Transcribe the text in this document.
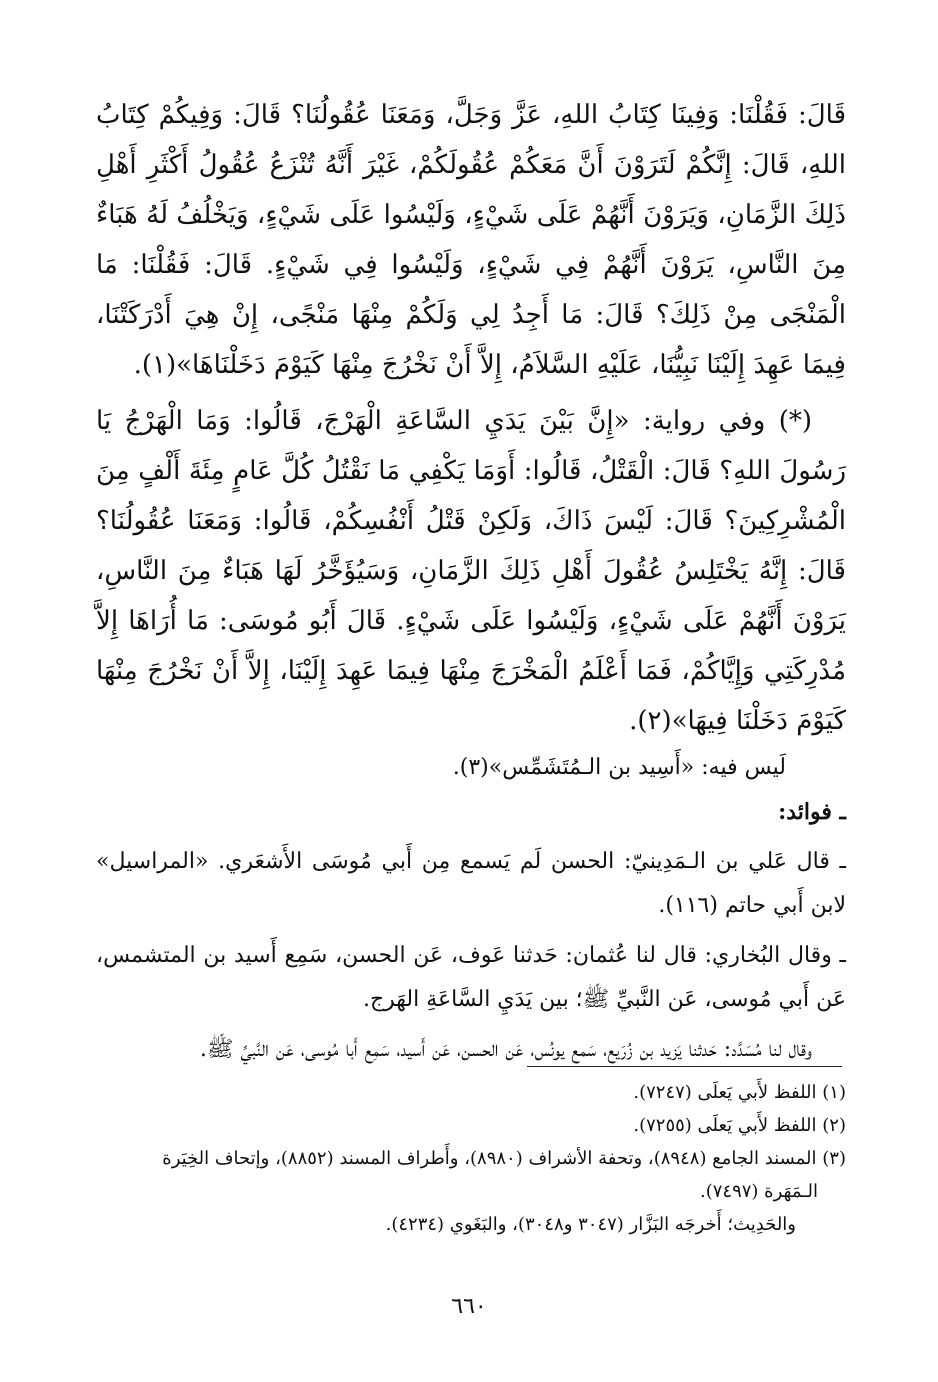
قَالَ: فَقُلْنَا: وَفِينَا كِتَابُ اللهِ، عَزَّ وَجَلَّ، وَمَعَنَا عُقُولُنَا؟ قَالَ: وَفِيكُمْ كِتَابُ اللهِ، قَالَ: إِنَّكُمْ لَتَرَوْنَ أَنَّ مَعَكُمْ عُقُولَكُمْ، غَيْرَ أَنَّهُ تُنْزَعُ عُقُولُ أَكْثَرِ أَهْلِ ذَلِكَ الزَّمَانِ، وَيَرَوْنَ أَنَّهُمْ عَلَى شَيْءٍ، وَلَيْسُوا عَلَى شَيْءٍ، وَيَخْلُفُ لَهُ هَبَاءٌ مِنَ النَّاسِ، يَرَوْنَ أَنَّهُمْ فِي شَيْءٍ، وَلَيْسُوا فِي شَيْءٍ. قَالَ: فَقُلْنَا: مَا الْمَنْجَى مِنْ ذَلِكَ؟ قَالَ: مَا أَجِدُ لِي وَلَكُمْ مِنْهَا مَنْجًى، إِنْ هِيَ أَدْرَكَتْنَا، فِيمَا عَهِدَ إِلَيْنَا نَبِيُّنَا، عَلَيْهِ السَّلاَمُ، إِلاَّ أَنْ نَخْرُجَ مِنْهَا كَيَوْمَ دَخَلْنَاهَا»(١).

(*) وفي رواية: «إِنَّ بَيْنَ يَدَيِ السَّاعَةِ الْهَرْجَ، قَالُوا: وَمَا الْهَرْجُ يَا رَسُولَ اللهِ؟ قَالَ: الْقَتْلُ، قَالُوا: أَوَمَا يَكْفِي مَا نَقْتُلُ كُلَّ عَامٍ مِئَةَ أَلْفٍ مِنَ الْمُشْرِكِينَ؟ قَالَ: لَيْسَ ذَاكَ، وَلَكِنْ قَتْلُ أَنْفُسِكُمْ، قَالُوا: وَمَعَنَا عُقُولُنَا؟ قَالَ: إِنَّهُ يَخْتَلِسُ عُقُولَ أَهْلِ ذَلِكَ الزَّمَانِ، وَسَيُؤَخَّرُ لَهَا هَبَاءٌ مِنَ النَّاسِ، يَرَوْنَ أَنَّهُمْ عَلَى شَيْءٍ، وَلَيْسُوا عَلَى شَيْءٍ. قَالَ أَبُو مُوسَى: مَا أُرَاهَا إِلاَّ مُدْرِكَتِي وَإِيَّاكُمْ، فَمَا أَعْلَمُ الْمَخْرَجَ مِنْهَا فِيمَا عَهِدَ إِلَيْنَا، إِلاَّ أَنْ نَخْرُجَ مِنْهَا كَيَوْمَ دَخَلْنَا فِيهَا»(٢).

لَيس فيه: «أَسِيد بن الـمُتَشَمِّس»(٣).

ـ فوائد:

ـ قال عَلي بن الـمَدِينيّ: الحسن لَم يَسمع مِن أَبي مُوسَى الأَشعَري. «المراسيل» لابن أَبي حاتم (١١٦).

ـ وقال البُخاري: قال لنا عُثمان: حَدثنا عَوف، عَن الحسن، سَمِع أَسيد بن المتشمس، عَن أَبي مُوسى، عَن النَّبيِّ ﷺ؛ بين يَدَيِ السَّاعَةِ الهَرج.

وقال لنا مُسَدَّد: حَدثنا يَزيد بن زُرَيع، سَمع يونُس، عَن الحسن، عَن أَسيد، سَمِع أَبا مُوسى، عَن النَّبيِّ ﷺ.

(١) اللفظ لأَبي يَعلَى (٧٢٤٧).

(٢) اللفظ لأَبي يَعلَى (٧٢٥٥).

(٣) المسند الجامع (٨٩٤٨)، وتحفة الأشراف (٨٩٨٠)، وأَطراف المسند (٨٨٥٢)، وإتحاف الخِيَرة

الـمَهَرة (٧٤٩٧).

والحَدِيث؛ أَخرجَه البَزَّار (٣٠٤٧ و٣٠٤٨)، والبَغَوي (٤٢٣٤).

٦٦٠
